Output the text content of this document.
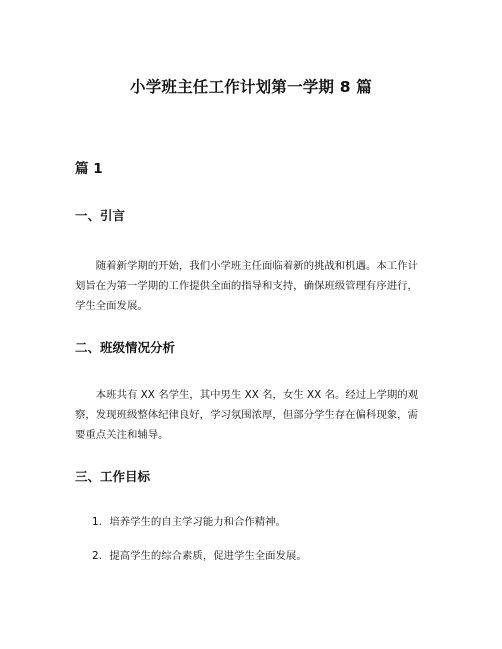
小学班主任工作计划第一学期 8 篇
篇 1
一、引言

随着新学期的开始，我们小学班主任面临着新的挑战和机遇。本工作计划旨在为第一学期的工作提供全面的指导和支持，确保班级管理有序进行，学生全面发展。

二、班级情况分析

本班共有 XX 名学生，其中男生 XX 名，女生 XX 名。经过上学期的观察，发现班级整体纪律良好，学习氛围浓厚，但部分学生存在偏科现象，需要重点关注和辅导。

三、工作目标
1. 培养学生的自主学习能力和合作精神。
2. 提高学生的综合素质，促进学生全面发展。
